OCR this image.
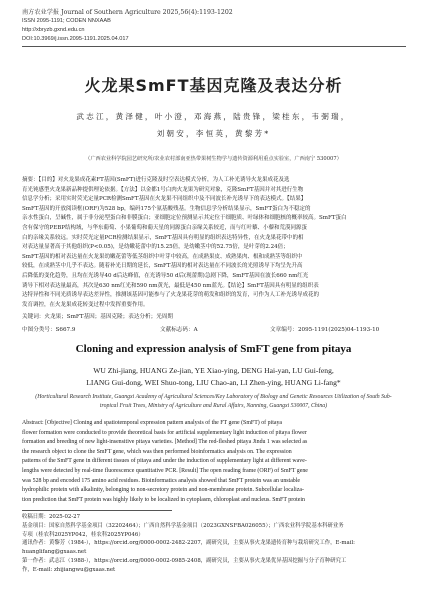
南方农业学报 Journal of Southern Agriculture 2025,56(4):1193-1202
ISSN 2095-1191; CODEN NNXAAB
http://xbryzb.gxnd.edu.cn
DOI:10.3969/j.issn.2095-1191.2025.04.017
火龙果SmFT基因克隆及表达分析
武志江，黄泽健，叶小澄，邓海燕，陆贵锋，梁桂东，韦弼瑞，
刘朝安，李恒英，黄黎芳*
（广西农业科学院园艺研究所/农业农村部南亚热带果树生物学与遗传资源利用重点实验室，广西南宁 530007）
摘要：【目的】对火龙果成花素FT基因(SmFT)进行克隆及时空表达模式分析，为人工补光诱导火龙果成花及选
育光钝感型火龙果新品种提供理论依据。【方法】以金都1号白肉火龙果为研究对象，克隆SmFT基因并对其进行生物
信息学分析；采用实时荧光定量PCR检测SmFT基因在火龙果不同组织中及不同波长补光诱导下的表达模式。【结果】
SmFT基因的开放阅读框(ORF)为528 bp，编码175个氨基酸残基。生物信息学分析结果显示，SmFT蛋白为不稳定的
亲水性蛋白，呈碱性，属于非分泌型蛋白和非膜蛋白；亚细胞定位预测显示其定位于细胞质、叶绿体和细胞核的概率较高。SmFT蛋白
含有保守的PEBP结构域，与华东葡萄、小果葡萄和葡天星的同源蛋白亲缘关系较近，而与红叶藜、小藜和荒漠同源蛋
白的亲缘关系较远。实时荧光定量PCR检测结果显示，SmFT基因具有明显的组织表达特异性，在火龙果花带中的相
对表达量显著高于其他组织(P<0.05)，是幼嫩花蕾中的15.25倍，是幼嫩茎中的52.75倍，是叶芽的2.24倍；
SmFT基因的相对表达量在火龙果幼嫩花蕾等低茎组织中叶芽中较高，在成熟果皮、成熟果肉、根和成熟茎等组织中
较低，在成熟茎中几乎不表达。随着补光日期的延长，SmFT基因的相对表达量在不同波长的光照诱导下均呈先升高
后降低的变化趋势，且均在光诱导40 d后达峰值，在光诱导50 d后(现蕾期)急剧下降，SmFT基因在波长660 nm红光
诱导下相对表达量最高，其次是630 nm红光和590 nm黄光，最低是450 nm蓝光。【结论】SmFT基因具有明显的组织表
达特异性和不同光质诱导表达差异性，推测该基因可能参与了火龙果花芽的萌发和组织的发育，可作为人工补光诱导成花的
发育调控，在火龙果成花转变过程中发挥重要作用。
关键词：火龙果；SmFT基因；基因克隆；表达分析；光周期
中图分类号：S667.9	文献标志码：A	文章编号：2095-1191(2025)04-1193-10
Cloning and expression analysis of SmFT gene from pitaya
WU Zhi-jiang, HUANG Ze-jian, YE Xiao-ying, DENG Hai-yan, LU Gui-feng,
LIANG Gui-dong, WEI Shuo-tong, LIU Chao-an, LI Zhen-ying, HUANG Li-fang*
(Horticultural Research Institute, Guangxi Academy of Agricultural Sciences/Key Laboratory of Biology and Genetic Resources Utilization of South Sub-
tropical Fruit Trees, Ministry of Agriculture and Rural Affairs, Nanning, Guangxi 530007, China)
Abstract: [Objective] Cloning and spatiotemporal expression pattern analysis of the FT gene (SmFT) of pitaya
flower formation were conducted to provide theoretical basis for artificial supplementary light induction of pitaya flower
formation and breeding of new light-insensitive pitaya varieties. [Method] The red-fleshed pitaya Jindu 1 was selected as
the research object to clone the SmFT gene, which was then performed bioinformatics analysis on. The expression
patterns of the SmFT gene in different tissues of pitaya and under the induction of supplementary light at different wave-
lengths were detected by real-time fluorescence quantitative PCR. [Result] The open reading frame (ORF) of SmFT gene
was 528 bp and encoded 175 amino acid residues. Bioinformatics analysis showed that SmFT protein was an unstable
hydrophilic protein with alkalinity, belonging to non-secretory protein and non-membrane protein. Subcellular localiza-
tion prediction that SmFT protein was highly likely to be localized in cytoplasm, chloroplast and nucleus. SmFT protein
收稿日期：2025-02-27
基金项目：国家自然科学基金项目（32202464）；广西自然科学基金项目（2023GXNSFBA026055）；广西农业科学院基本科研业务
专项（桂农科2025YP042，桂农科2025YP046）
通讯作者：黄黎芳（1984-），https://orcid.org/0000-0002-2482-2207，副研究员，主要从事火龙果遗传育种与栽培研究工作，E-mail:
huanglifang@gxaas.net
第一作者：武志江（1988-），https://orcid.org/0000-0002-0985-2408，副研究员，主要从事火龙果优异基因挖掘与分子育种研究工
作，E-mail: zhijiangwu@gxaas.net
